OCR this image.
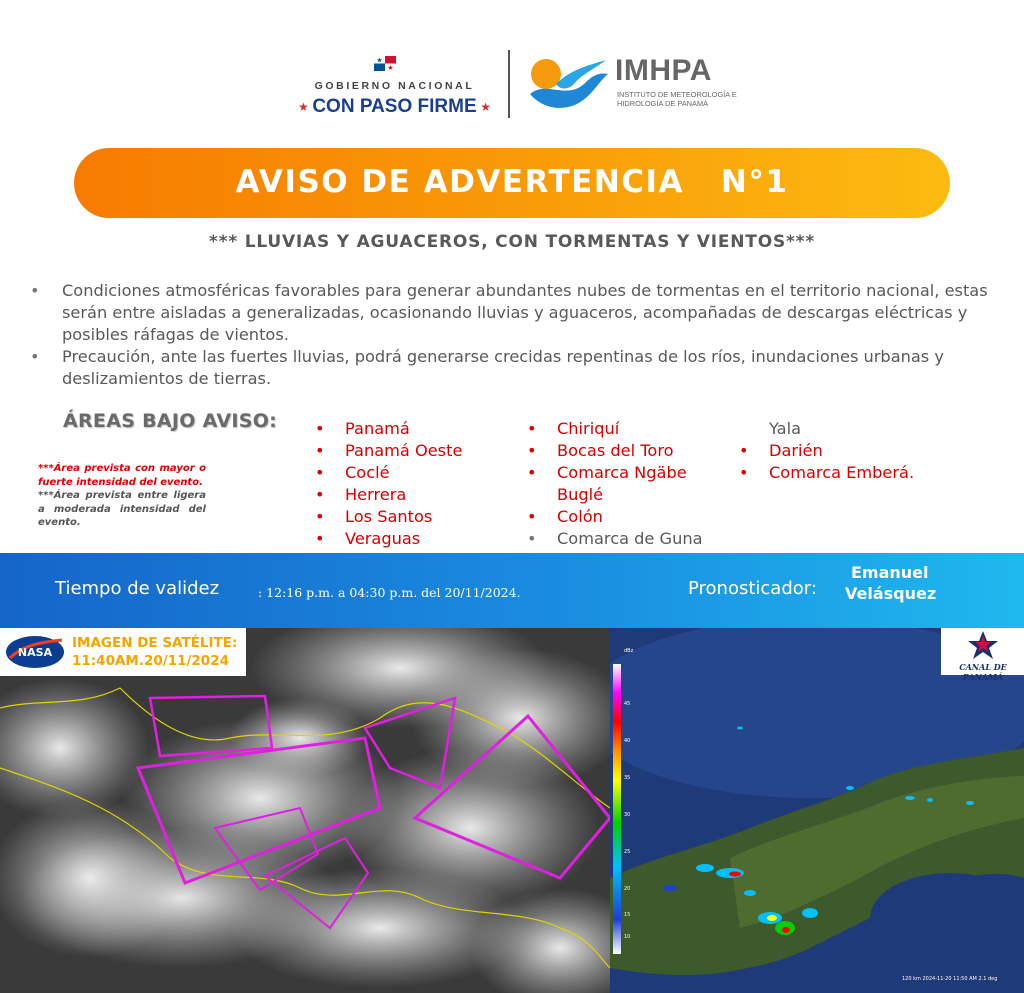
GOBIERNO NACIONAL
★ CON PASO FIRME ★
IMHPA
INSTITUTO DE METEOROLOGÍA E HIDROLOGÍA DE PANAMÁ
AVISO DE ADVERTENCIA   N°1
*** LLUVIAS Y AGUACEROS, CON TORMENTAS Y VIENTOS***
• Condiciones atmosféricas favorables para generar abundantes nubes de tormentas en el territorio nacional, estas serán entre aisladas a generalizadas, ocasionando lluvias y aguaceros, acompañadas de descargas eléctricas y posibles ráfagas de vientos.
• Precaución, ante las fuertes lluvias, podrá generarse crecidas repentinas de los ríos, inundaciones urbanas y deslizamientos de tierras.
ÁREAS BAJO AVISO:
***Área prevista con mayor o fuerte intensidad del evento.
***Área prevista entre ligera a moderada intensidad del evento.
• Panamá
• Panamá Oeste
• Coclé
• Herrera
• Los Santos
• Veraguas
• Chiriquí
• Bocas del Toro
• Comarca Ngäbe Buglé
• Colón
• Comarca de Guna
Yala
• Darién
• Comarca Emberá.
Tiempo de validez	: 12:16 p.m. a 04:30 p.m. del 20/11/2024.	Pronosticador:
Emanuel
Velásquez
NASA
IMAGEN DE SATÉLITE:
11:40AM.20/11/2024
dBz
45
40
35
30
25
20
15
10
CANAL DE PANAMÁ
120 km 2024-11-20 11:50 AM 2.1 deg
